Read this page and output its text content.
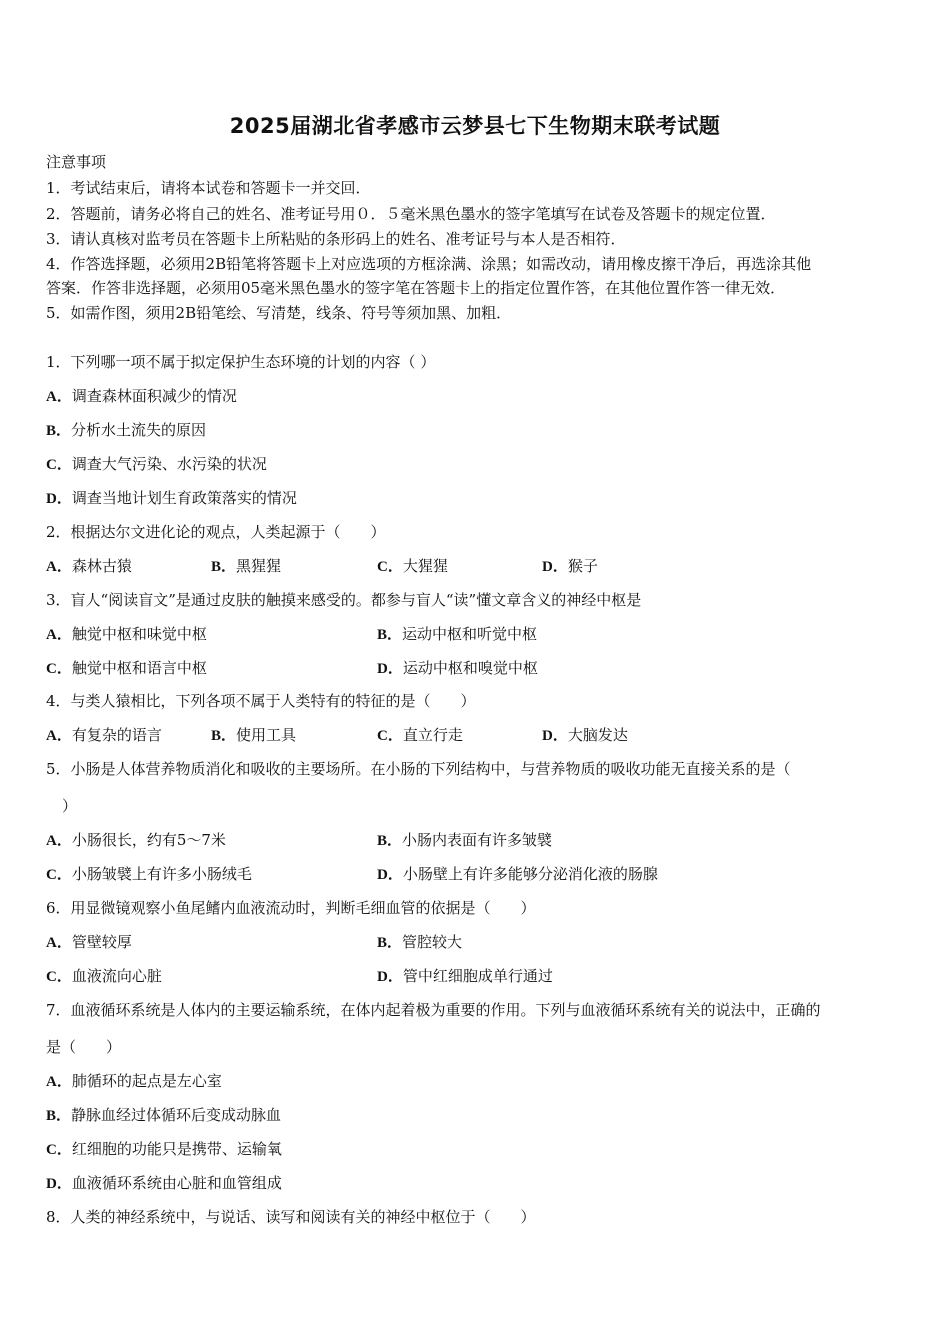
2025届湖北省孝感市云梦县七下生物期末联考试题
注意事项
1．考试结束后，请将本试卷和答题卡一并交回．
2．答题前，请务必将自己的姓名、准考证号用０．５毫米黑色墨水的签字笔填写在试卷及答题卡的规定位置．
3．请认真核对监考员在答题卡上所粘贴的条形码上的姓名、准考证号与本人是否相符．
4．作答选择题，必须用2B铅笔将答题卡上对应选项的方框涂满、涂黑；如需改动，请用橡皮擦干净后，再选涂其他
答案．作答非选择题，必须用05毫米黑色墨水的签字笔在答题卡上的指定位置作答，在其他位置作答一律无效．
5．如需作图，须用2B铅笔绘、写清楚，线条、符号等须加黑、加粗．
1．下列哪一项不属于拟定保护生态环境的计划的内容（ ）
A．调查森林面积减少的情况
B．分析水土流失的原因
C．调查大气污染、水污染的状况
D．调查当地计划生育政策落实的情况
2．根据达尔文进化论的观点，人类起源于（　　）
A．森林古猿	B．黑猩猩	C．大猩猩	D．猴子
3．盲人“阅读盲文”是通过皮肤的触摸来感受的。都参与盲人“读”懂文章含义的神经中枢是
A．触觉中枢和味觉中枢	B．运动中枢和听觉中枢
C．触觉中枢和语言中枢	D．运动中枢和嗅觉中枢
4．与类人猿相比，下列各项不属于人类特有的特征的是（　　）
A．有复杂的语言	B．使用工具	C．直立行走	D．大脑发达
5．小肠是人体营养物质消化和吸收的主要场所。在小肠的下列结构中，与营养物质的吸收功能无直接关系的是（
）
A．小肠很长，约有5～7米	B．小肠内表面有许多皱襞
C．小肠皱襞上有许多小肠绒毛	D．小肠壁上有许多能够分泌消化液的肠腺
6．用显微镜观察小鱼尾鳍内血液流动时，判断毛细血管的依据是（　　）
A．管壁较厚	B．管腔较大
C．血液流向心脏	D．管中红细胞成单行通过
7．血液循环系统是人体内的主要运输系统，在体内起着极为重要的作用。下列与血液循环系统有关的说法中，正确的
是（　　）
A．肺循环的起点是左心室
B．静脉血经过体循环后变成动脉血
C．红细胞的功能只是携带、运输氧
D．血液循环系统由心脏和血管组成
8．人类的神经系统中，与说话、读写和阅读有关的神经中枢位于（　　）
